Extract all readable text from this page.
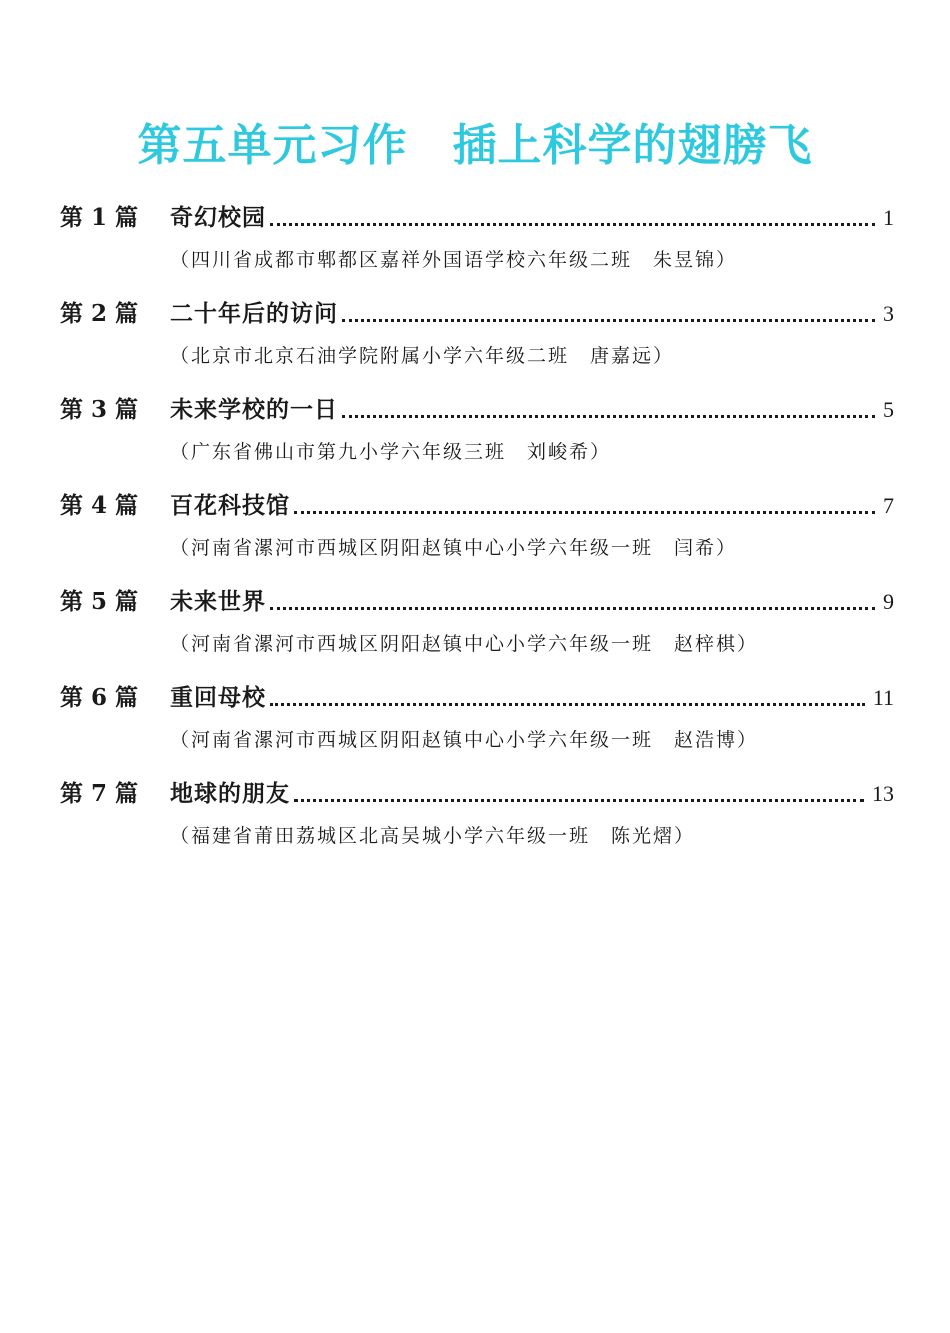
第五单元习作　插上科学的翅膀飞
第 1 篇	奇幻校园	1
（四川省成都市郫都区嘉祥外国语学校六年级二班　朱昱锦）
第 2 篇	二十年后的访问	3
（北京市北京石油学院附属小学六年级二班　唐嘉远）
第 3 篇	未来学校的一日	5
（广东省佛山市第九小学六年级三班　刘峻希）
第 4 篇	百花科技馆	7
（河南省漯河市西城区阴阳赵镇中心小学六年级一班　闫希）
第 5 篇	未来世界	9
（河南省漯河市西城区阴阳赵镇中心小学六年级一班　赵梓棋）
第 6 篇	重回母校	11
（河南省漯河市西城区阴阳赵镇中心小学六年级一班　赵浩博）
第 7 篇	地球的朋友	13
（福建省莆田荔城区北高吴城小学六年级一班　陈光熠）
